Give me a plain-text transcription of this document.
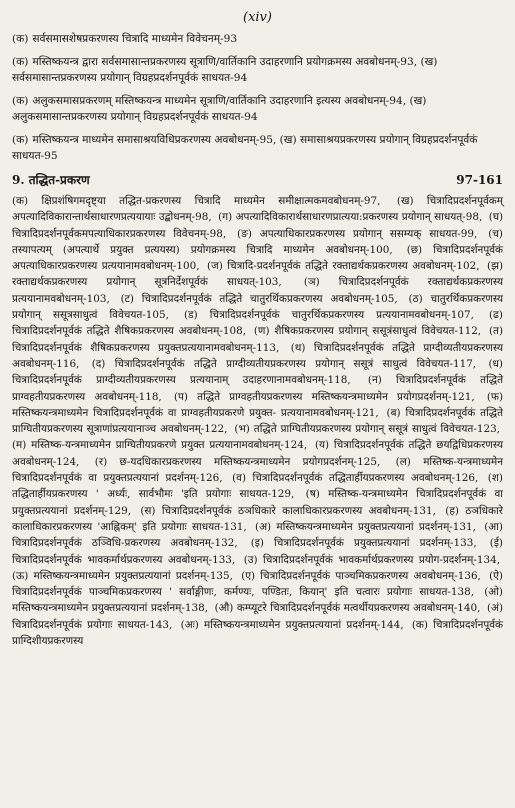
(xiv)

(क) सर्वसमासशेषप्रकरणस्य चित्रादि माध्यमेन विवेचनम्-93

(क) मस्तिष्कयन्त्र द्वारा सर्वसमासान्तप्रकरणस्य सूत्राणि/वार्तिकानि उदाहरणानि प्रयोगक्रमस्य अवबोधनम्-93, (ख) सर्वसमासान्तप्रकरणस्य प्रयोगान् विग्रहप्रदर्शनपूर्वकं साधयत-94

(क) अलुकसमासप्रकरणम् मस्तिष्कयन्त्र माध्यमेन सूत्राणि/वार्तिकानि उदाहरणानि इत्यस्य अवबोधनम्-94, (ख) अलुकसमासान्तप्रकरणस्य प्रयोगान् विग्रहप्रदर्शनपूर्वकं साधयत-94

(क) मस्तिष्कयन्त्र माध्यमेन समासाश्रयविधिप्रकरणस्य अवबोधनम्-95, (ख) समासाश्रयप्रकरणस्य प्रयोगान् विग्रहप्रदर्शनपूर्वकं साधयत-95

9. तद्धित-प्रकरण	97-161
(क) क्षिप्रशंषिगमदृष्ट्या तद्धित-प्रकरणस्य चित्रादि माध्यमेन समीक्षात्मकमवबोधनम्-97, (ख) चित्रादिप्रदर्शनपूर्वकम् अपत्यादिविकारान्तार्थसाधारणप्रत्ययायाः उद्बोधनम्-98, (ग) अपत्यादिविकारार्थसाधारणप्रात्यया:प्रकरणस्य प्रयोगान् साधयत्-98, (घ) चित्रादिप्रदर्शनपूर्वकमपत्याधिकारप्रकरणस्य विवेचनम्-98, (ङ) अपत्याधिकारप्रकरणस्य प्रयोगान् ससम्यक् साधयत-99, (च) तस्यापत्यम् (अपत्यार्थे प्रयुक्त प्रत्ययस्य) प्रयोगक्रमस्य चित्रादि माध्यमेन अवबोधनम्-100, (छ) चित्रादिप्रदर्शनपूर्वकं अपत्याधिकारप्रकरणस्य प्रत्ययानामवबोधनम्-100, (ज) चित्रादि-प्रदर्शनपूर्वकं तद्धिते रक्ताद्यर्थकप्रकरणस्य अवबोधनम्-102, (झ) रक्ताद्यर्थकप्रकरणस्य प्रयोगान् सूत्रनिर्देशपूर्वकं साधयत्-103, (ञ) चित्रादिप्रदर्शनपूर्वकं रक्ताद्यर्थकप्रकरणस्य प्रत्ययानामवबोधनम्-103, (ट) चित्रादिप्रदर्शनपूर्वकं तद्धिते चातुरर्थिकप्रकरणस्य अवबोधनम्-105, (ठ) चातुरर्थिकप्रकरणस्य प्रयोगान् ससूत्रसाधुत्वं विवेचयत-105, (ड) चित्रादिप्रदर्शनपूर्वकं चातुरर्थिकप्रकरणस्य प्रत्ययानामवबोधनम्-107, (ढ) चित्रादिप्रदर्शनपूर्वकं तद्धिते शैषिकप्रकरणस्य अवबोधनम्-108, (ण) शैषिकप्रकरणस्य प्रयोगान् ससूत्रंसाधुत्वं विवेचयत-112, (त) चित्रादिप्रदर्शनपूर्वकं शैषिकप्रकरणस्य प्रयुक्तप्रत्ययानामवबोधनम्-113, (थ) चित्रादिप्रदर्शनपूर्वकं तद्धिते प्राग्दीव्यतीयप्रकरणस्य अवबोधनम्-116, (द) चित्रादिप्रदर्शनपूर्वकं तद्धिते प्राग्दीव्यतीयप्रकरणस्य प्रयोगान् ससूत्रं साधुत्वं विवेचयत-117, (ध) चित्रादिप्रदर्शनपूर्वकं प्राग्दीव्यतीयप्रकरणस्य प्रत्ययानाम् उदाहरणानामवबोधनम्-118, (न) चित्रादिप्रदर्शनपूर्वकं तद्धिते प्राग्वहतीयप्रकरणस्य अवबोधनम्-118, (प) तद्धिते प्राग्वहतीयप्रकरणस्य मस्तिष्कयन्त्रमाध्यमेन प्रयोगप्रदर्शनम्-121, (फ) मस्तिष्कयन्त्रमाध्यमेन चित्रादिप्रदर्शनपूर्वकं वा प्राग्वहतीयप्रकरणे प्रयुक्त- प्रत्ययानामवबोधनम्-121, (ब) चित्रादिप्रदर्शनपूर्वकं तद्धिते प्राग्घितीयप्रकरणस्य सूत्राणांप्रत्ययानाञ्च अवबोधनम्-122, (भ) तद्धिते प्राग्घितीयप्रकरणस्य प्रयोगान् ससूत्रं साधुत्वं विवेचयत-123, (म) मस्तिष्क-यन्त्रमाध्यमेन प्राग्घितीयप्रकरणे प्रयुक्त प्रत्ययानामवबोधनम्-124, (य) चित्रादिप्रदर्शनपूर्वकं तद्धिते छयद्विधिप्रकरणस्य अवबोधनम्-124, (र) छ-यदधिकारप्रकरणस्य मस्तिष्कयन्त्रमाध्यमेन प्रयोगप्रदर्शनम्-125, (ल) मस्तिष्क-यन्त्रमाध्यमेन चित्रादिप्रदर्शनपूर्वकं वा प्रयुक्तप्रत्ययानां प्रदर्शनम्-126, (व) चित्रादिप्रदर्शनपूर्वकं तद्धितार्हीयप्रकरणस्य अवबोधनम्-126, (श) तद्धितार्हीयप्रकरणस्य ' अर्ध्यः, सार्वभौमः 'इति प्रयोगाः साधयत-129, (ष) मस्तिष्क-यन्त्रमाध्यमेन चित्रादिप्रदर्शनपूर्वकं वा प्रयुक्तप्रत्ययानां प्रदर्शनम्-129, (स) चित्रादिप्रदर्शनपूर्वकं ठञधिकारे कालाधिकारप्रकरणस्य अवबोधनम्-131, (ह) ठञधिकारे कालाधिकारप्रकरणस्य 'आह्निकम्' इति प्रयोगाः साधयत-131, (अ) मस्तिष्कयन्त्रमाध्यमेन प्रयुक्तप्रत्ययानां प्रदर्शनम्-131, (आ) चित्रादिप्रदर्शनपूर्वकं ठञ्विधि-प्रकरणस्य अवबोधनम्-132, (इ) चित्रादिप्रदर्शनपूर्वकं प्रयुक्तप्रत्ययानां प्रदर्शनम्-133, (ई) चित्रादिप्रदर्शनपूर्वकं भावकर्मार्थप्रकरणस्य अवबोधनम्-133, (उ) चित्रादिप्रदर्शनपूर्वकं भावकर्मार्थप्रकरणस्य प्रयोग-प्रदर्शनम्-134, (ऊ) मस्तिष्कयन्त्रमाध्यमेन प्रयुक्तप्रत्ययानां प्रदर्शनम्-135, (ए) चित्रादिप्रदर्शनपूर्वकं पाञ्चमिकप्रकरणस्य अवबोधनम्-136, (ऐ) चित्रादिप्रदर्शनपूर्वकं पाञ्चमिकप्रकरणस्य ' सर्वाङ्गीणः, कर्मण्यः, पण्डितः, कियान्' इति चत्वारः प्रयोगाः साधयत-138, (ओ) मस्तिष्कयन्त्रमाध्यमेन प्रयुक्तप्रत्ययानां प्रदर्शनम्-138, (औ) कम्प्यूटरे चित्रादिप्रदर्शनपूर्वकं मत्वर्थीयप्रकरणस्य अवबोधनम्-140, (अं) चित्रादिप्रदर्शनपूर्वकं प्रयोगाः साधयत-143, (अः) मस्तिष्कयन्त्रमाध्यमेन प्रयुक्तप्रत्ययानां प्रदर्शनम्-144, (क) चित्रादिप्रदर्शनपूर्वकं प्राग्दिशीयप्रकरणस्य
